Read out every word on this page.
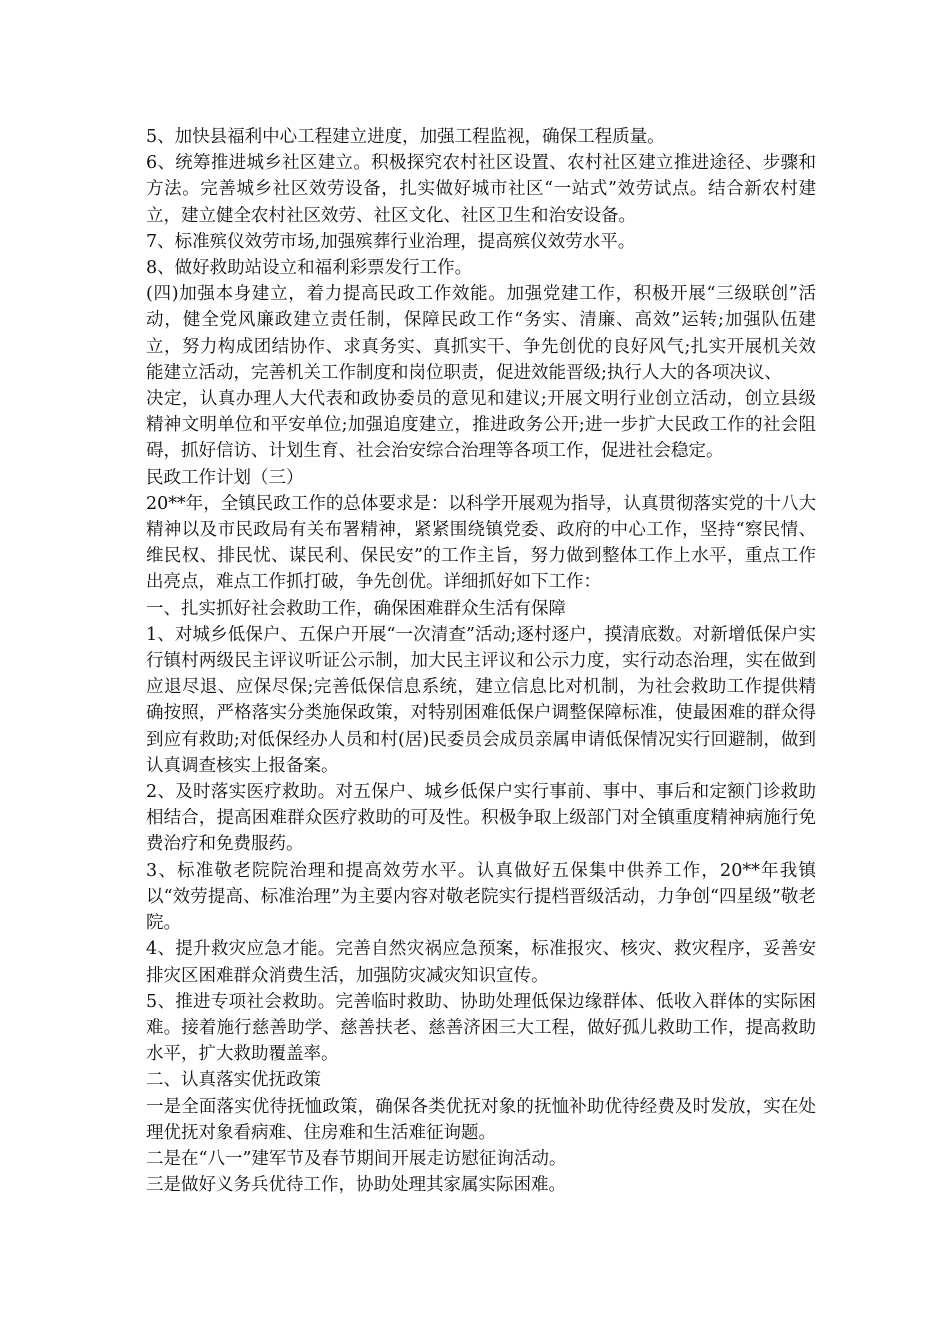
5、加快县福利中心工程建立进度，加强工程监视，确保工程质量。

6、统筹推进城乡社区建立。积极探究农村社区设置、农村社区建立推进途径、步骤和方法。完善城乡社区效劳设备，扎实做好城市社区“一站式”效劳试点。结合新农村建立，建立健全农村社区效劳、社区文化、社区卫生和治安设备。

7、标准殡仪效劳市场,加强殡葬行业治理，提高殡仪效劳水平。

8、做好救助站设立和福利彩票发行工作。

(四)加强本身建立，着力提高民政工作效能。加强党建工作，积极开展“三级联创”活动，健全党风廉政建立责任制，保障民政工作“务实、清廉、高效”运转;加强队伍建立，努力构成团结协作、求真务实、真抓实干、争先创优的良好风气;扎实开展机关效能建立活动，完善机关工作制度和岗位职责，促进效能晋级;执行人大的各项决议、

决定，认真办理人大代表和政协委员的意见和建议;开展文明行业创立活动，创立县级精神文明单位和平安单位;加强追度建立，推进政务公开;进一步扩大民政工作的社会阻碍，抓好信访、计划生育、社会治安综合治理等各项工作，促进社会稳定。

民政工作计划（三）

20**年，全镇民政工作的总体要求是：以科学开展观为指导，认真贯彻落实党的十八大精神以及市民政局有关布署精神，紧紧围绕镇党委、政府的中心工作，坚持“察民情、维民权、排民忧、谋民利、保民安”的工作主旨，努力做到整体工作上水平，重点工作出亮点，难点工作抓打破，争先创优。详细抓好如下工作：

一、扎实抓好社会救助工作，确保困难群众生活有保障

1、对城乡低保户、五保户开展“一次清查”活动;逐村逐户，摸清底数。对新增低保户实行镇村两级民主评议听证公示制，加大民主评议和公示力度，实行动态治理，实在做到应退尽退、应保尽保;完善低保信息系统，建立信息比对机制，为社会救助工作提供精确按照，严格落实分类施保政策，对特别困难低保户调整保障标准，使最困难的群众得到应有救助;对低保经办人员和村(居)民委员会成员亲属申请低保情况实行回避制，做到认真调查核实上报备案。

2、及时落实医疗救助。对五保户、城乡低保户实行事前、事中、事后和定额门诊救助相结合，提高困难群众医疗救助的可及性。积极争取上级部门对全镇重度精神病施行免费治疗和免费服药。

3、标准敬老院院治理和提高效劳水平。认真做好五保集中供养工作，20**年我镇以“效劳提高、标准治理”为主要内容对敬老院实行提档晋级活动，力争创“四星级”敬老院。

4、提升救灾应急才能。完善自然灾祸应急预案，标准报灾、核灾、救灾程序，妥善安排灾区困难群众消费生活，加强防灾减灾知识宣传。

5、推进专项社会救助。完善临时救助、协助处理低保边缘群体、低收入群体的实际困难。接着施行慈善助学、慈善扶老、慈善济困三大工程，做好孤儿救助工作，提高救助水平，扩大救助覆盖率。

二、认真落实优抚政策

一是全面落实优待抚恤政策，确保各类优抚对象的抚恤补助优待经费及时发放，实在处理优抚对象看病难、住房难和生活难征询题。

二是在“八一”建军节及春节期间开展走访慰征询活动。

三是做好义务兵优待工作，协助处理其家属实际困难。
